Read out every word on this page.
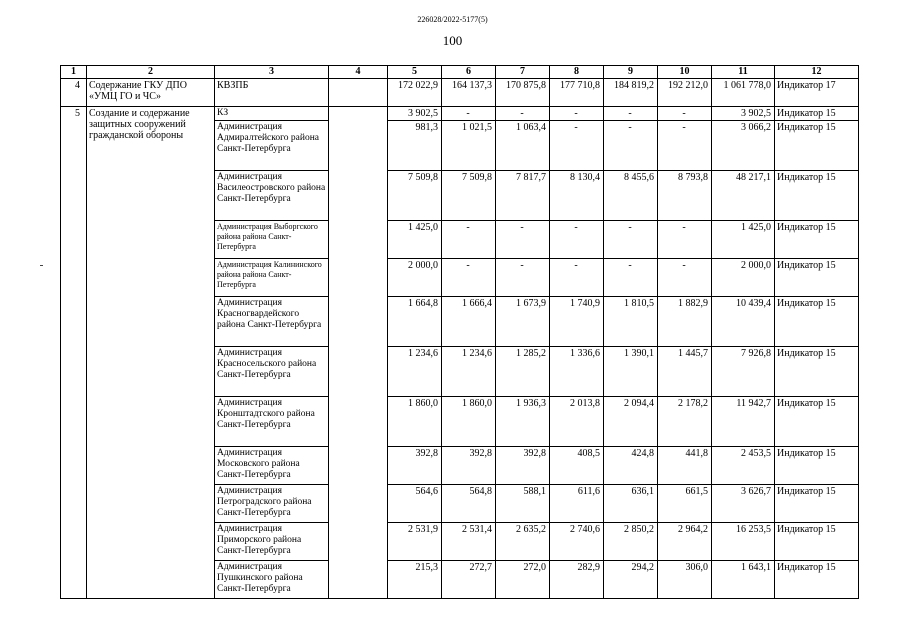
226028/2022-5177(5)
100
1	2	3	4	5	6	7	8	9	10	11	12
4	Содержание ГКУ ДПО «УМЦ ГО и ЧС»	КВЗПБ		172 022,9	164 137,3	170 875,8	177 710,8	184 819,2	192 212,0	1 061 778,0	Индикатор 17
5	Создание и содержание защитных сооружений гражданской обороны	КЗ		3 902,5	-	-	-	-	-	3 902,5	Индикатор 15
		Администрация Адмиралтейского района Санкт-Петербурга		981,3	1 021,5	1 063,4	-	-	-	3 066,2	Индикатор 15
		Администрация Василеостровского района Санкт-Петербурга		7 509,8	7 509,8	7 817,7	8 130,4	8 455,6	8 793,8	48 217,1	Индикатор 15
		Администрация Выборгского района района Санкт-Петербурга		1 425,0	-	-	-	-	-	1 425,0	Индикатор 15
		Администрация Калининского района района Санкт-Петербурга		2 000,0	-	-	-	-	-	2 000,0	Индикатор 15
		Администрация Красногвардейского района Санкт-Петербурга		1 664,8	1 666,4	1 673,9	1 740,9	1 810,5	1 882,9	10 439,4	Индикатор 15
		Администрация Красносельского района Санкт-Петербурга		1 234,6	1 234,6	1 285,2	1 336,6	1 390,1	1 445,7	7 926,8	Индикатор 15
		Администрация Кронштадтского района Санкт-Петербурга		1 860,0	1 860,0	1 936,3	2 013,8	2 094,4	2 178,2	11 942,7	Индикатор 15
		Администрация Московского района Санкт-Петербурга		392,8	392,8	392,8	408,5	424,8	441,8	2 453,5	Индикатор 15
		Администрация Петроградского района Санкт-Петербурга		564,6	564,8	588,1	611,6	636,1	661,5	3 626,7	Индикатор 15
		Администрация Приморского района Санкт-Петербурга		2 531,9	2 531,4	2 635,2	2 740,6	2 850,2	2 964,2	16 253,5	Индикатор 15
		Администрация Пушкинского района Санкт-Петербурга		215,3	272,7	272,0	282,9	294,2	306,0	1 643,1	Индикатор 15
